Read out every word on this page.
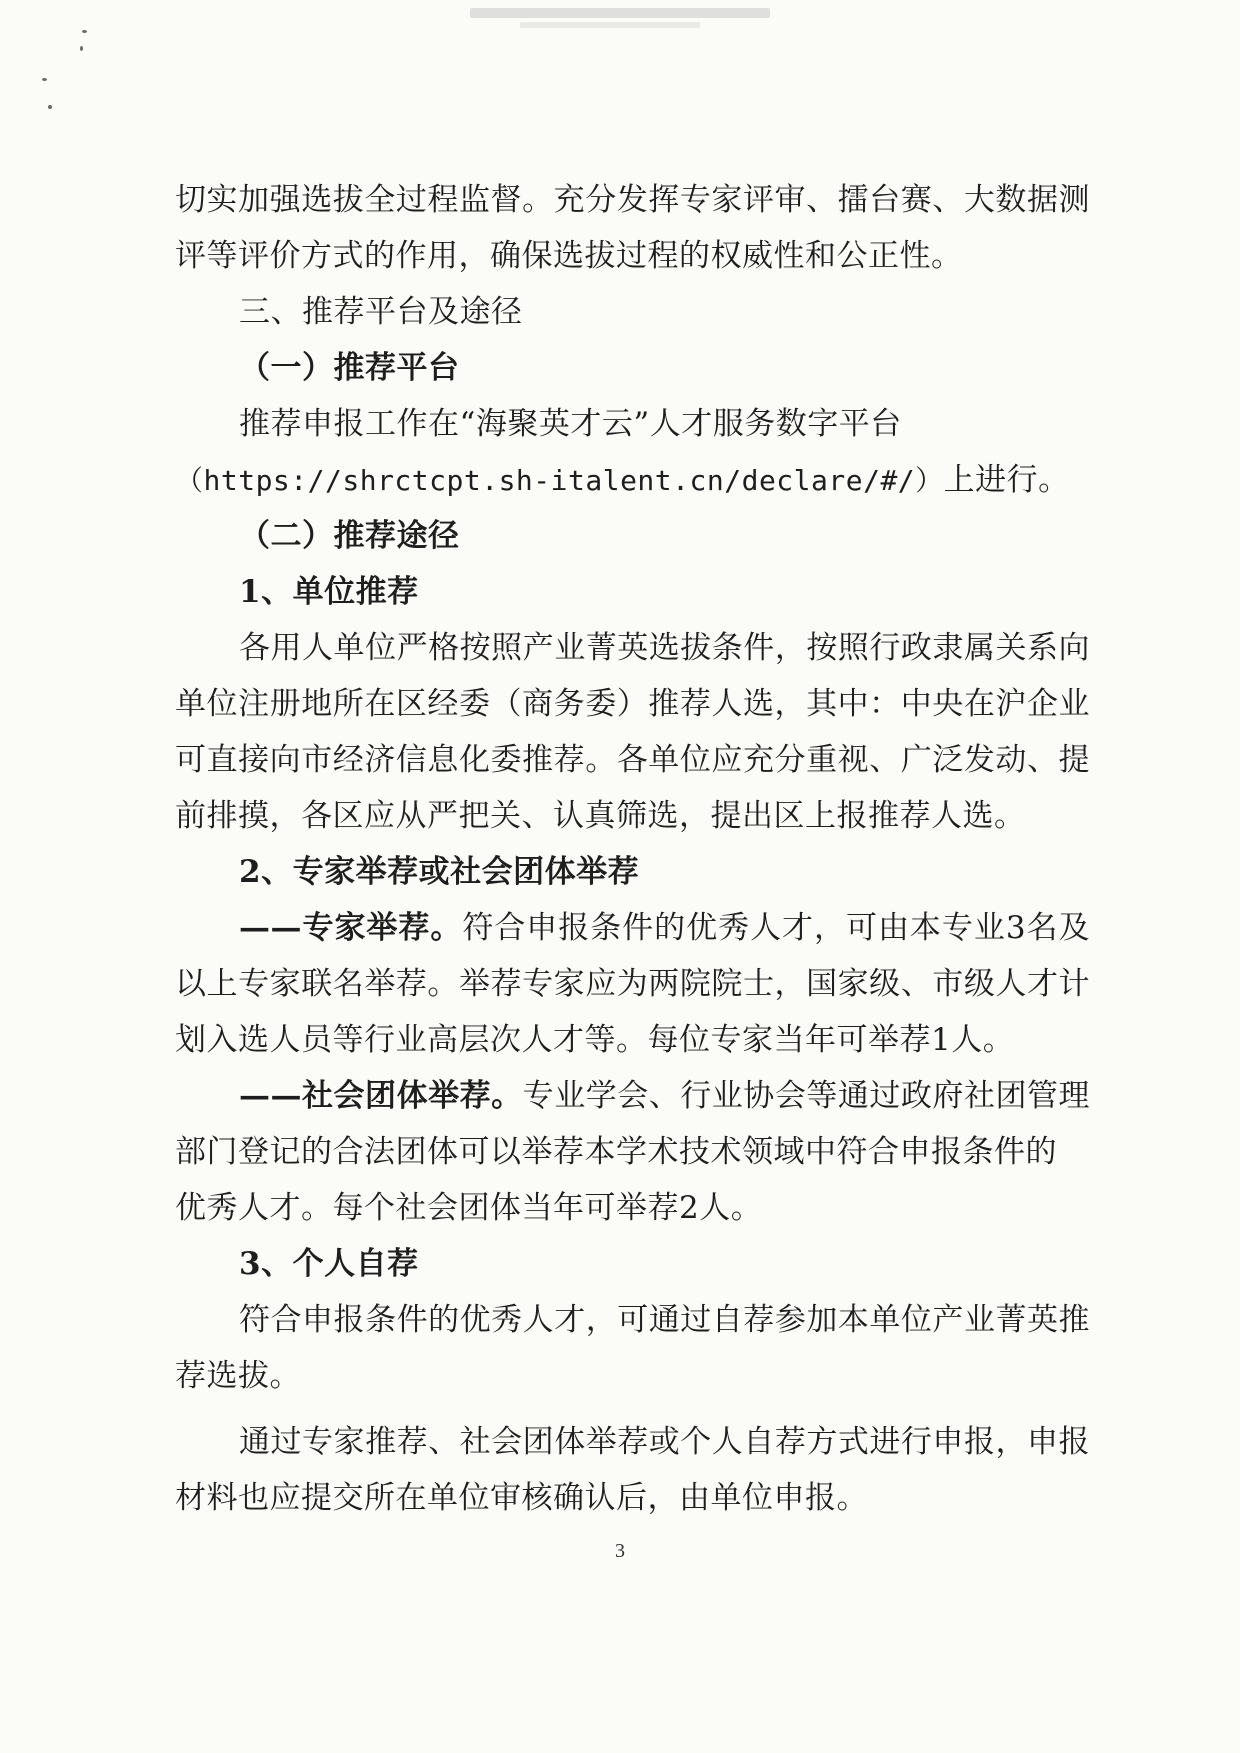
切实加强选拔全过程监督。充分发挥专家评审、擂台赛、大数据测
评等评价方式的作用，确保选拔过程的权威性和公正性。
三、推荐平台及途径
（一）推荐平台
推荐申报工作在“海聚英才云”人才服务数字平台
（https://shrctcpt.sh-italent.cn/declare/#/）上进行。
（二）推荐途径
1、单位推荐
各用人单位严格按照产业菁英选拔条件，按照行政隶属关系向
单位注册地所在区经委（商务委）推荐人选，其中：中央在沪企业
可直接向市经济信息化委推荐。各单位应充分重视、广泛发动、提
前排摸，各区应从严把关、认真筛选，提出区上报推荐人选。
2、专家举荐或社会团体举荐
——专家举荐。符合申报条件的优秀人才，可由本专业3名及
以上专家联名举荐。举荐专家应为两院院士，国家级、市级人才计
划入选人员等行业高层次人才等。每位专家当年可举荐1人。
——社会团体举荐。专业学会、行业协会等通过政府社团管理
部门登记的合法团体可以举荐本学术技术领域中符合申报条件的
优秀人才。每个社会团体当年可举荐2人。
3、个人自荐
符合申报条件的优秀人才，可通过自荐参加本单位产业菁英推
荐选拔。
通过专家推荐、社会团体举荐或个人自荐方式进行申报，申报
材料也应提交所在单位审核确认后，由单位申报。
3
